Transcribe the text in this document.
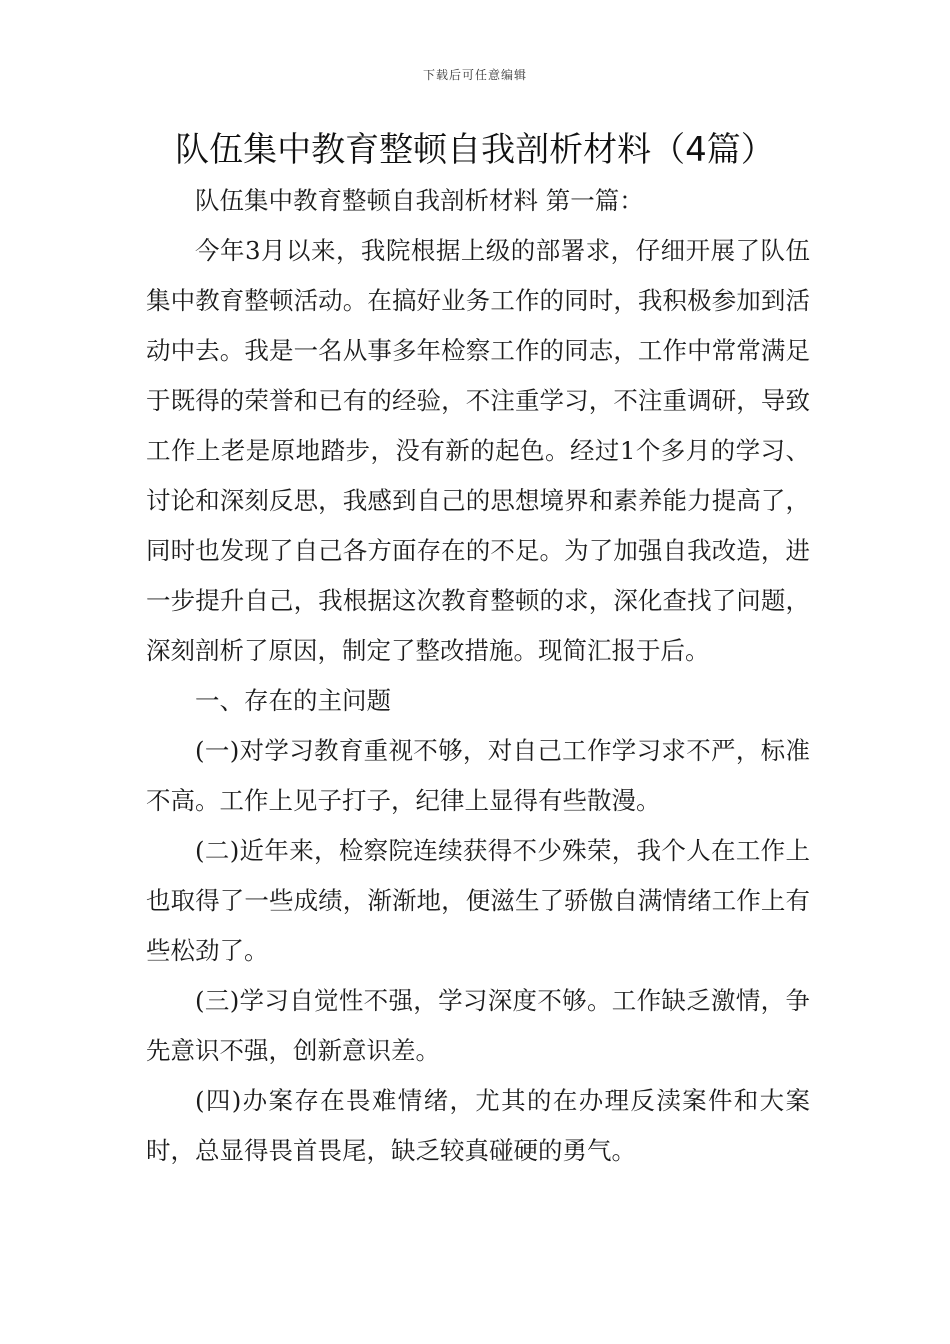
下载后可任意编辑
队伍集中教育整顿自我剖析材料（4篇）

队伍集中教育整顿自我剖析材料 第一篇：

今年3月以来，我院根据上级的部署求，仔细开展了队伍集中教育整顿活动。在搞好业务工作的同时，我积极参加到活动中去。我是一名从事多年检察工作的同志，工作中常常满足于既得的荣誉和已有的经验，不注重学习，不注重调研，导致工作上老是原地踏步，没有新的起色。经过1个多月的学习、讨论和深刻反思，我感到自己的思想境界和素养能力提高了，同时也发现了自己各方面存在的不足。为了加强自我改造，进一步提升自己，我根据这次教育整顿的求，深化查找了问题，深刻剖析了原因，制定了整改措施。现简汇报于后。

一、存在的主问题

(一)对学习教育重视不够，对自己工作学习求不严，标准不高。工作上见子打子，纪律上显得有些散漫。

(二)近年来，检察院连续获得不少殊荣，我个人在工作上也取得了一些成绩，渐渐地，便滋生了骄傲自满情绪工作上有些松劲了。

(三)学习自觉性不强，学习深度不够。工作缺乏激情，争先意识不强，创新意识差。

(四)办案存在畏难情绪，尤其的在办理反渎案件和大案时，总显得畏首畏尾，缺乏较真碰硬的勇气。
